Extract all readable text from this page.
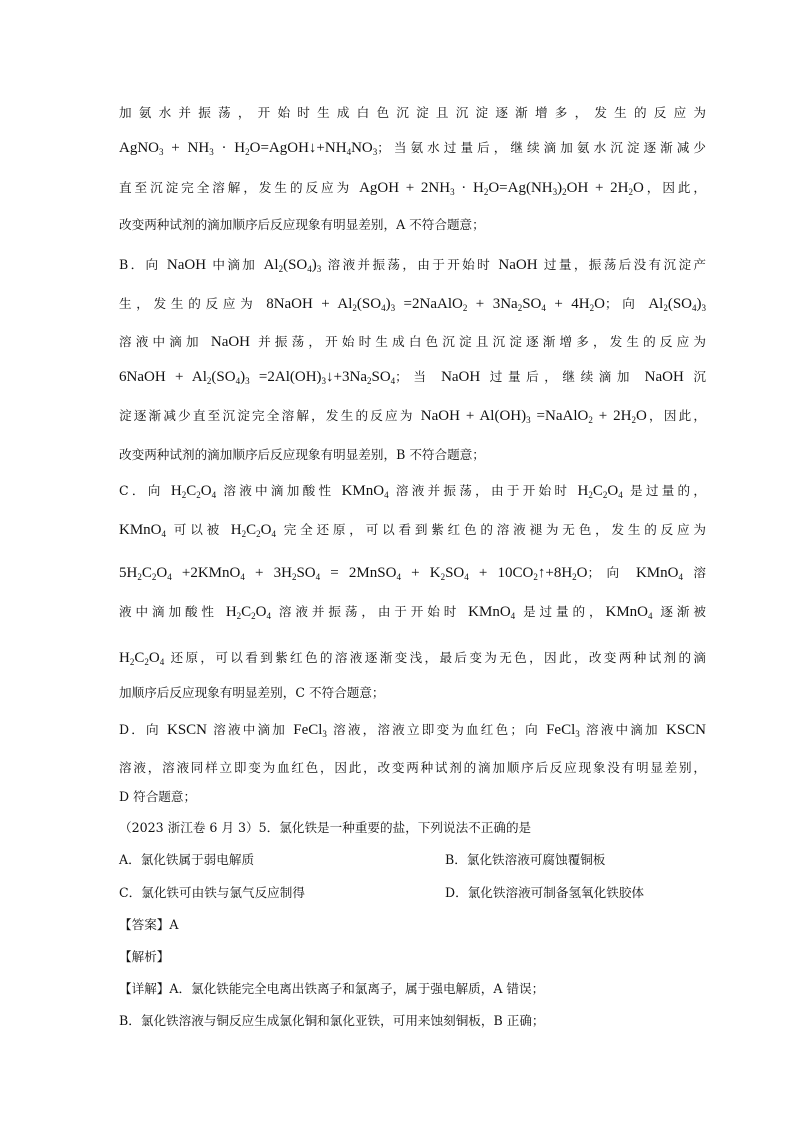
加氨水并振荡，开始时生成白色沉淀且沉淀逐渐增多，发生的反应为
AgNO$_3$ + $NH_3$ · $H_2O=AgOH↓+NH_4NO_3$；当氨水过量后，继续滴加氨水沉淀逐渐减少
直至沉淀完全溶解，发生的反应为 AgOH + $2NH_3 \cdot H_2O=Ag(NH_3)_2OH + 2H_2O$，因此，
改变两种试剂的滴加顺序后反应现象有明显差别，A 不符合题意；
B．向 NaOH 中滴加 $Al_2(SO_4)_3$ 溶液并振荡，由于开始时 NaOH 过量，振荡后没有沉淀产
生，发生的反应为 8NaOH + $Al_2(SO_4)_3$ =2NaAlO$_2$ + $3Na_2SO_4 + 4H_2O$；向 $Al_2(SO_4)_3$
溶液中滴加 NaOH 并振荡，开始时生成白色沉淀且沉淀逐渐增多，发生的反应为
6NaOH + $Al_2(SO_4)_3$ $=2Al(OH)_3↓+3Na_2SO_4$；当 NaOH 过量后，继续滴加 NaOH 沉
淀逐渐减少直至沉淀完全溶解，发生的反应为 NaOH + $Al(OH)_3$ =NaAlO$_2$ + $2H_2O$，因此，
改变两种试剂的滴加顺序后反应现象有明显差别，B 不符合题意；
C．向 $H_2C_2O_4$ 溶液中滴加酸性 KMnO$_4$ 溶液并振荡，由于开始时 $H_2C_2O_4$ 是过量的，
KMnO$_4$ 可以被 $H_2C_2O_4$ 完全还原，可以看到紫红色的溶液褪为无色，发生的反应为
$5H_2C_2O_4$ +2KMnO$_4$ + $3H_2SO_4$ = 2MnSO$_4$ + $K_2SO_4$ + $10CO_2↑+8H_2O$；向 KMnO$_4$ 溶
液中滴加酸性 $H_2C_2O_4$ 溶液并振荡，由于开始时 KMnO$_4$ 是过量的，KMnO$_4$ 逐渐被
$H_2C_2O_4$ 还原，可以看到紫红色的溶液逐渐变浅，最后变为无色，因此，改变两种试剂的滴
加顺序后反应现象有明显差别，C 不符合题意；
D．向 KSCN 溶液中滴加 FeCl$_3$ 溶液，溶液立即变为血红色；向 FeCl$_3$ 溶液中滴加 KSCN
溶液，溶液同样立即变为血红色，因此，改变两种试剂的滴加顺序后反应现象没有明显差别，
D 符合题意；
（2023 浙江卷 6 月 3）5．氯化铁是一种重要的盐，下列说法不正确的是
A．氯化铁属于弱电解质	B．氯化铁溶液可腐蚀覆铜板
C．氯化铁可由铁与氯气反应制得	D．氯化铁溶液可制备氢氧化铁胶体
【答案】A
【解析】
【详解】A．氯化铁能完全电离出铁离子和氯离子，属于强电解质，A 错误；
B．氯化铁溶液与铜反应生成氯化铜和氯化亚铁，可用来蚀刻铜板，B 正确；
